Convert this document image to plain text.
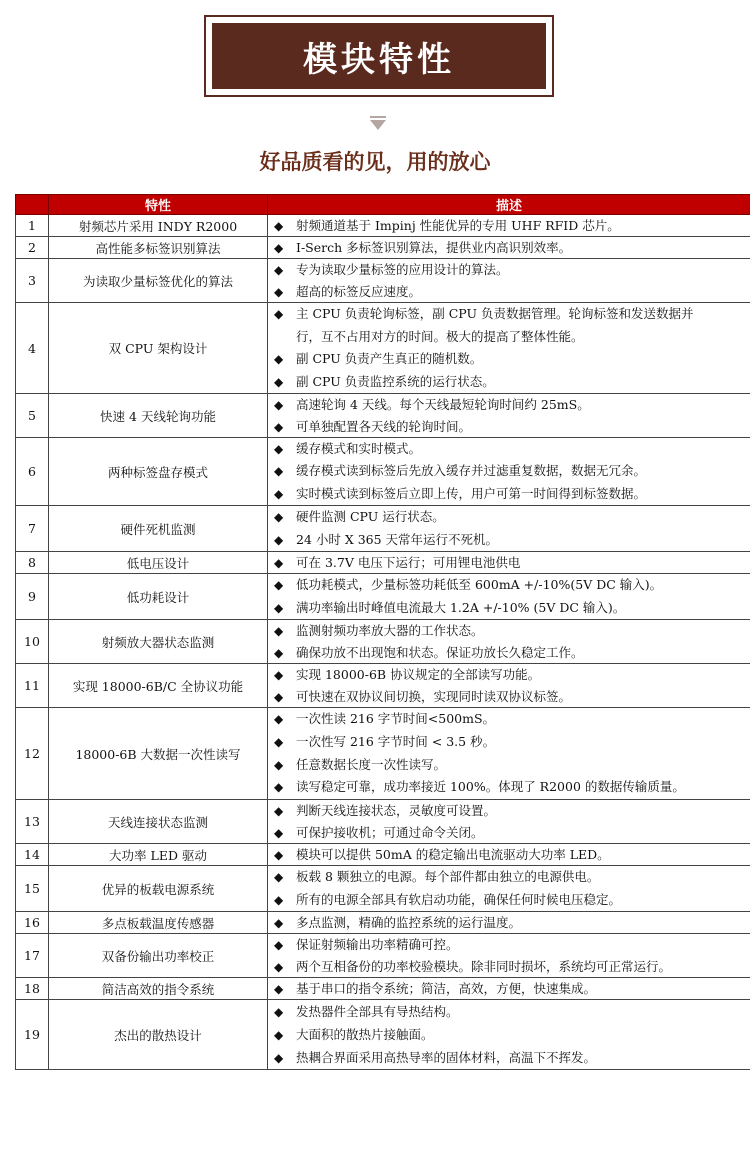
模块特性
好品质看的见，用的放心
	特性	描述
1	射频芯片采用 INDY R2000	◆ 射频通道基于 Impinj 性能优异的专用 UHF RFID 芯片。

2	高性能多标签识别算法	◆ I-Serch 多标签识别算法，提供业内高识别效率。

3	为读取少量标签优化的算法	◆ 专为读取少量标签的应用设计的算法。
◆ 超高的标签反应速度。

4	双 CPU 架构设计	◆ 主 CPU 负责轮询标签，副 CPU 负责数据管理。轮询标签和发送数据并
行，互不占用对方的时间。极大的提高了整体性能。
◆ 副 CPU 负责产生真正的随机数。
◆ 副 CPU 负责监控系统的运行状态。

5	快速 4 天线轮询功能	◆ 高速轮询 4 天线。每个天线最短轮询时间约 25mS。
◆ 可单独配置各天线的轮询时间。

6	两种标签盘存模式	◆ 缓存模式和实时模式。
◆ 缓存模式读到标签后先放入缓存并过滤重复数据，数据无冗余。
◆ 实时模式读到标签后立即上传，用户可第一时间得到标签数据。

7	硬件死机监测	◆ 硬件监测 CPU 运行状态。
◆ 24 小时 X 365 天常年运行不死机。

8	低电压设计	◆ 可在 3.7V 电压下运行；可用锂电池供电

9	低功耗设计	◆ 低功耗模式，少量标签功耗低至 600mA +/-10%(5V DC 输入)。
◆ 满功率输出时峰值电流最大 1.2A +/-10% (5V DC 输入)。

10	射频放大器状态监测	◆ 监测射频功率放大器的工作状态。
◆ 确保功放不出现饱和状态。保证功放长久稳定工作。

11	实现 18000-6B/C 全协议功能	◆ 实现 18000-6B 协议规定的全部读写功能。
◆ 可快速在双协议间切换，实现同时读双协议标签。

12	18000-6B 大数据一次性读写	◆ 一次性读 216 字节时间<500mS。
◆ 一次性写 216 字节时间 < 3.5 秒。
◆ 任意数据长度一次性读写。
◆ 读写稳定可靠，成功率接近 100%。体现了 R2000 的数据传输质量。

13	天线连接状态监测	◆ 判断天线连接状态，灵敏度可设置。
◆ 可保护接收机；可通过命令关闭。

14	大功率 LED 驱动	◆ 模块可以提供 50mA 的稳定输出电流驱动大功率 LED。

15	优异的板载电源系统	◆ 板载 8 颗独立的电源。每个部件都由独立的电源供电。
◆ 所有的电源全部具有软启动功能，确保任何时候电压稳定。

16	多点板载温度传感器	◆ 多点监测，精确的监控系统的运行温度。

17	双备份输出功率校正	◆ 保证射频输出功率精确可控。
◆ 两个互相备份的功率校验模块。除非同时损坏，系统均可正常运行。

18	简洁高效的指令系统	◆ 基于串口的指令系统；简洁，高效，方便，快速集成。

19	杰出的散热设计	◆ 发热器件全部具有导热结构。
◆ 大面积的散热片接触面。
◆ 热耦合界面采用高热导率的固体材料，高温下不挥发。
